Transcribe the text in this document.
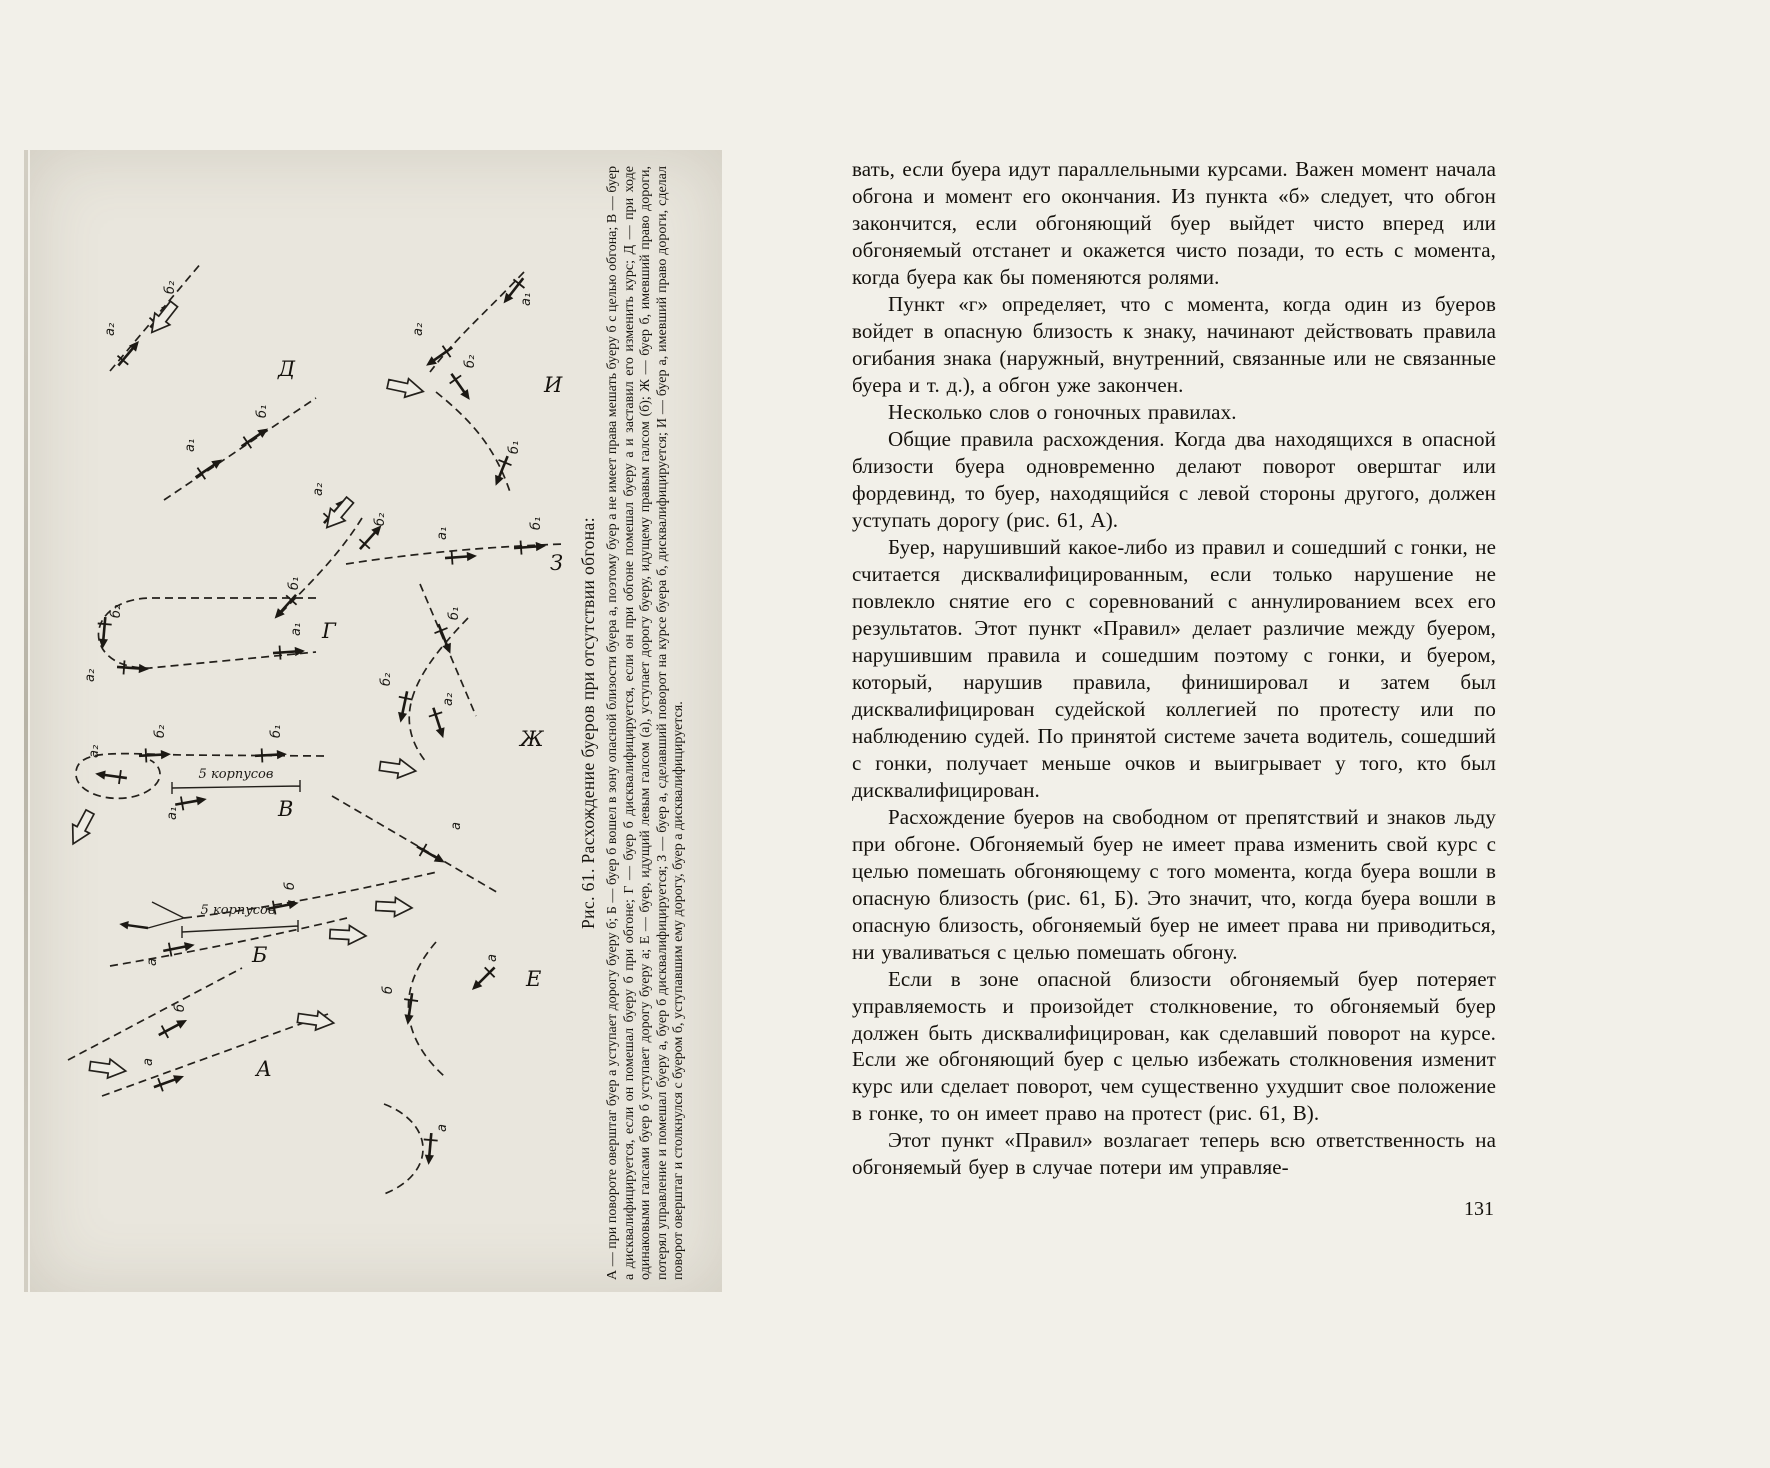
б₂
а₂
б₁
а₁
Д
а₁
а₂
б₂
б₁
И
а₂
б₂
а₁
б₁
б₁
З
б₂
а₂
а₁
б₁
Г
б₂
а₂
Ж
б₂
а₂
б₁
а₁
а
5 корпусов
В
б
а
5 корпусов
Б
б
а	А
б
а
а
Е
Рис. 61. Расхождение буеров при отсутствии обгона: А — при повороте оверштаг буер а уступает дорогу буеру б; Б — буер б вошел в зону опасной близости буера а, поэтому буер а не имеет права мешать буеру б с целью обгона; В — буер а дисквалифицируется, если он помешал буеру б при обгоне; Г — буер б дисквалифицируется, если он при обгоне помешал буеру а и заставил его изменить курс; Д — при ходе одинаковыми галсами буер б уступает дорогу буеру а; Е — буер, идущий левым галсом (а), уступает дорогу буеру, идущему правым галсом (б); Ж — буер б, имевший право дороги, потерял управление и помешал буеру а, буер б дисквалифицируется; З — буер а, сделавший поворот на курсе буера б, дисквалифицируется; И — буер а, имевший право дороги, сделал поворот оверштаг и столкнулся с буером б, уступавшим ему дорогу, буер а дисквалифицируется.

вать, если буера идут параллельными курсами. Важен момент начала обгона и момент его окончания. Из пункта «б» следует, что обгон закончится, если обгоняющий буер выйдет чисто вперед или обгоняемый отстанет и окажется чисто позади, то есть с момента, когда буера как бы поменяются ролями.

Пункт «г» определяет, что с момента, когда один из буеров войдет в опасную близость к знаку, начинают действовать правила огибания знака (наружный, внутренний, связанные или не связанные буера и т. д.), а обгон уже закончен.

Несколько слов о гоночных правилах.

Общие правила расхождения. Когда два находящихся в опасной близости буера одновременно делают поворот оверштаг или фордевинд, то буер, находящийся с левой стороны другого, должен уступать дорогу (рис. 61, А).

Буер, нарушивший какое-либо из правил и сошедший с гонки, не считается дисквалифицированным, если только нарушение не повлекло снятие его с соревнований с аннулированием всех его результатов. Этот пункт «Правил» делает различие между буером, нарушившим правила и сошедшим поэтому с гонки, и буером, который, нарушив правила, финишировал и затем был дисквалифицирован судейской коллегией по протесту или по наблюдению судей. По принятой системе зачета водитель, сошедший с гонки, получает меньше очков и выигрывает у того, кто был дисквалифицирован.

Расхождение буеров на свободном от препятствий и знаков льду при обгоне. Обгоняемый буер не имеет права изменить свой курс с целью помешать обгоняющему с того момента, когда буера вошли в опасную близость (рис. 61, Б). Это значит, что, когда буера вошли в опасную близость, обгоняемый буер не имеет права ни приводиться, ни уваливаться с целью помешать обгону.

Если в зоне опасной близости обгоняемый буер потеряет управляемость и произойдет столкновение, то обгоняемый буер должен быть дисквалифицирован, как сделавший поворот на курсе. Если же обгоняющий буер с целью избежать столкновения изменит курс или сделает поворот, чем существенно ухудшит свое положение в гонке, то он имеет право на протест (рис. 61, В).

Этот пункт «Правил» возлагает теперь всю ответственность на обгоняемый буер в случае потери им управляе-

131
